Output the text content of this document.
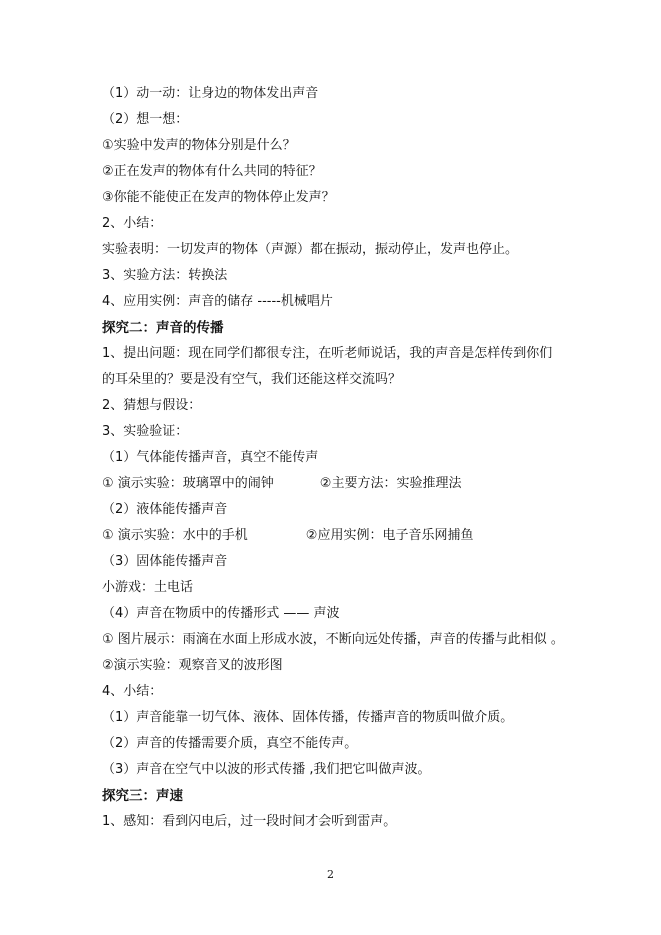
（1）动一动：让身边的物体发出声音
（2）想一想：
①实验中发声的物体分别是什么？
②正在发声的物体有什么共同的特征？
③你能不能使正在发声的物体停止发声？
2、小结：
实验表明：一切发声的物体（声源）都在振动，振动停止，发声也停止。
3、实验方法：转换法
4、应用实例：声音的储存 -----机械唱片
探究二：声音的传播
1、提出问题：现在同学们都很专注，在听老师说话，我的声音是怎样传到你们
的耳朵里的？要是没有空气，我们还能这样交流吗？
2、猜想与假设：
3、实验验证：
（1）气体能传播声音，真空不能传声
① 演示实验：玻璃罩中的闹钟	②主要方法：实验推理法
（2）液体能传播声音
① 演示实验：水中的手机	②应用实例：电子音乐网捕鱼
（3）固体能传播声音
小游戏：土电话
（4）声音在物质中的传播形式 —— 声波
① 图片展示：雨滴在水面上形成水波，不断向远处传播，声音的传播与此相似 。
②演示实验：观察音叉的波形图
4、小结：
（1）声音能靠一切气体、液体、固体传播，传播声音的物质叫做介质。
（2）声音的传播需要介质，真空不能传声。
（3）声音在空气中以波的形式传播 ,我们把它叫做声波。
探究三：声速
1、感知：看到闪电后，过一段时间才会听到雷声。
2
